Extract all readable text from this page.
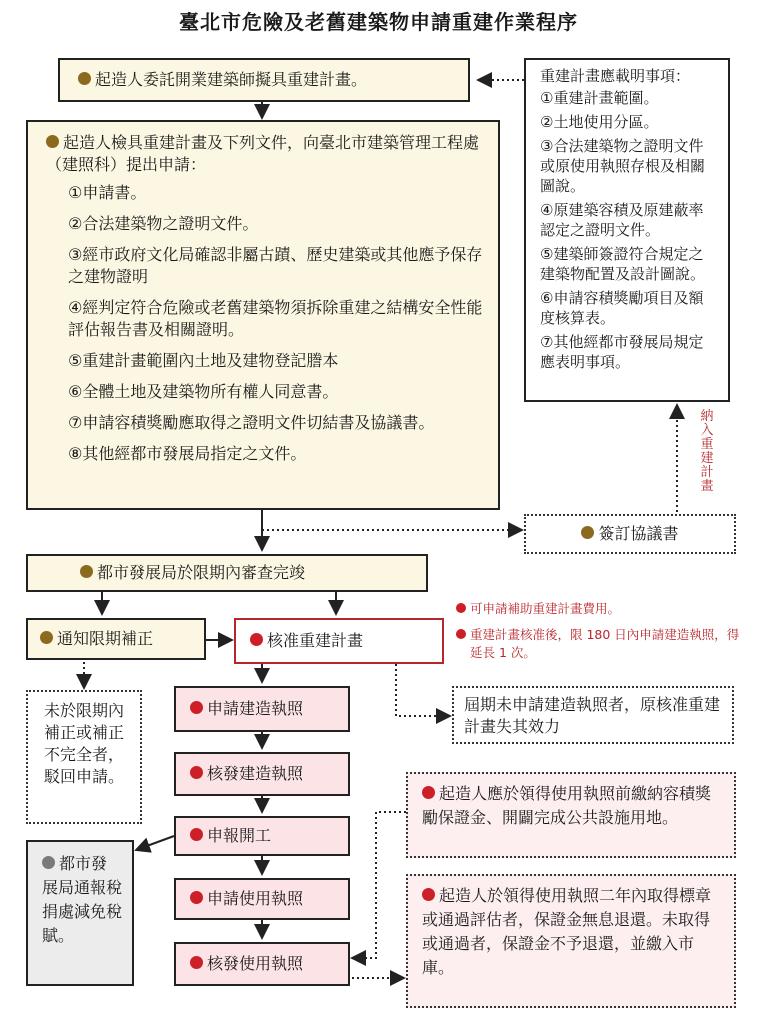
臺北市危險及老舊建築物申請重建作業程序
起造人委託開業建築師擬具重建計畫。	重建計畫應載明事項：
①重建計畫範圍。
②土地使用分區。
③合法建築物之證明文件或原使用執照存根及相關圖說。
④原建築容積及原建蔽率認定之證明文件。
⑤建築師簽證符合規定之建築物配置及設計圖說。
⑥申請容積獎勵項目及額度核算表。
⑦其他經都市發展局規定應表明事項。
納
入
重
建
計
畫
起造人檢具重建計畫及下列文件，向臺北市建築管理工程處（建照科）提出申請：
①申請書。
②合法建築物之證明文件。
③經市政府文化局確認非屬古蹟、歷史建築或其他應予保存之建物證明
④經判定符合危險或老舊建築物須拆除重建之結構安全性能評估報告書及相關證明。
⑤重建計畫範圍內土地及建物登記謄本
⑥全體土地及建築物所有權人同意書。
⑦申請容積獎勵應取得之證明文件切結書及協議書。
⑧其他經都市發展局指定之文件。
簽訂協議書
都市發展局於限期內審查完竣
通知限期補正	核准重建計畫
可申請補助重建計畫費用。
重建計畫核准後，限 180 日內申請建造執照，得延長 1 次。
未於限期內補正或補正不完全者，駁回申請。
屆期未申請建造執照者，原核准重建計畫失其效力
申請建造執照
核發建造執照
申報開工
申請使用執照
核發使用執照
都市發展局通報稅捐處減免稅賦。
起造人應於領得使用執照前繳納容積獎勵保證金、開闢完成公共設施用地。
起造人於領得使用執照二年內取得標章或通過評估者，保證金無息退還。未取得或通過者，保證金不予退還，並繳入市庫。
